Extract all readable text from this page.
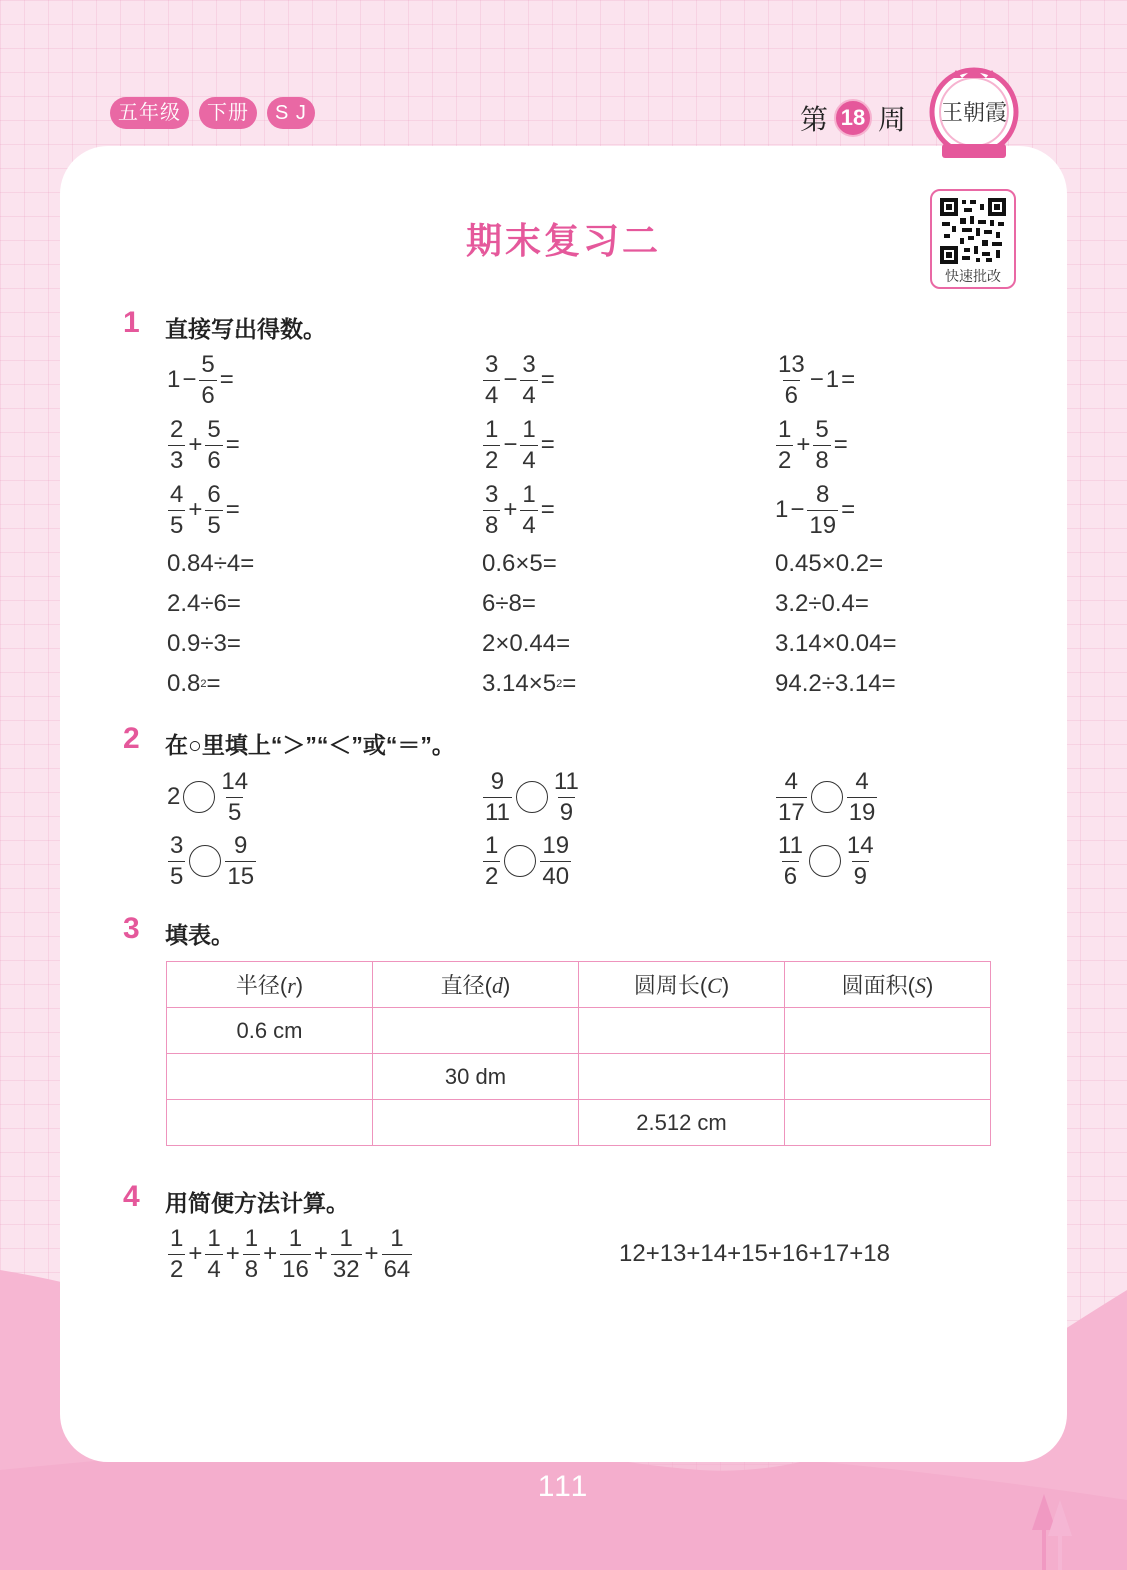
五年级	下册	S J	第 18 周 王朝霞
快速批改
期末复习二
1 直接写出得数。
$1 - \frac{5}{6}$ =	$\frac{3}{4} - \frac{3}{4}$ =	$\frac{13}{6} - 1$ =
$\frac{2}{3} + \frac{5}{6}$ =	$\frac{1}{2} - \frac{1}{4}$ =	$\frac{1}{2} + \frac{5}{8}$ =
$\frac{4}{5} + \frac{6}{5}$ =	$\frac{3}{8} + \frac{1}{4}$ =	$1 - \frac{8}{19}$ =
0.84÷4=	0.6×5=	0.45×0.2=
2.4÷6=	6÷8=	3.2÷0.4=
0.9÷3=	2×0.44=	3.14×0.04=
0.8 2 =	3.14×5 2 =	94.2÷3.14=
2 在○里填上“＞”“＜”或“＝”。
$2 \frac{14}{5}$	$\frac{9}{11} \frac{11}{9}$	$\frac{4}{17} \frac{4}{19}$
$\frac{3}{5} \frac{9}{15}$	$\frac{1}{2} \frac{19}{40}$	$\frac{11}{6} \frac{14}{9}$
3 填表。
半径(r)	直径(d)	圆周长(C)	圆面积(S)
0.6 cm			
	30 dm		
		2.512 cm	
4 用简便方法计算。
$\frac{1}{2} + \frac{1}{4} + \frac{1}{8} + \frac{1}{16} + \frac{1}{32} + \frac{1}{64}$	12+13+14+15+16+17+18
111
